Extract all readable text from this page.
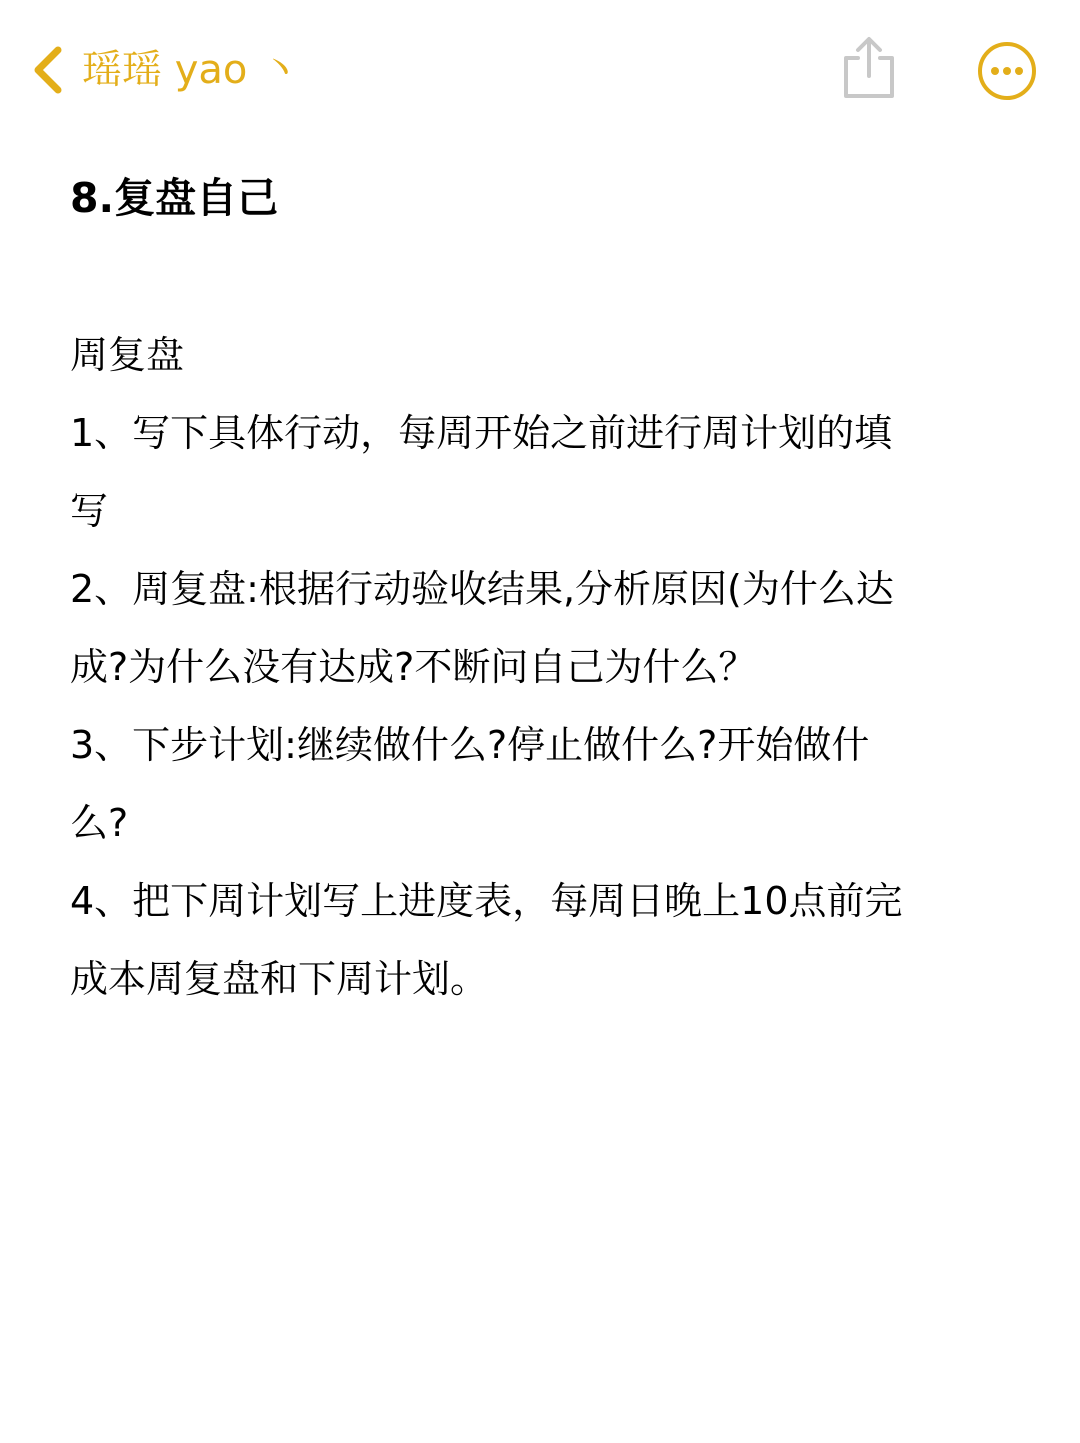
瑶瑶 yao 丶
8.复盘自己
周复盘
1、写下具体行动，每周开始之前进行周计划的填
写
2、周复盘:根据行动验收结果,分析原因(为什么达
成?为什么没有达成?不断问自己为什么？
3、下步计划:继续做什么?停止做什么?开始做什
么?
4、把下周计划写上进度表，每周日晚上10点前完
成本周复盘和下周计划。
